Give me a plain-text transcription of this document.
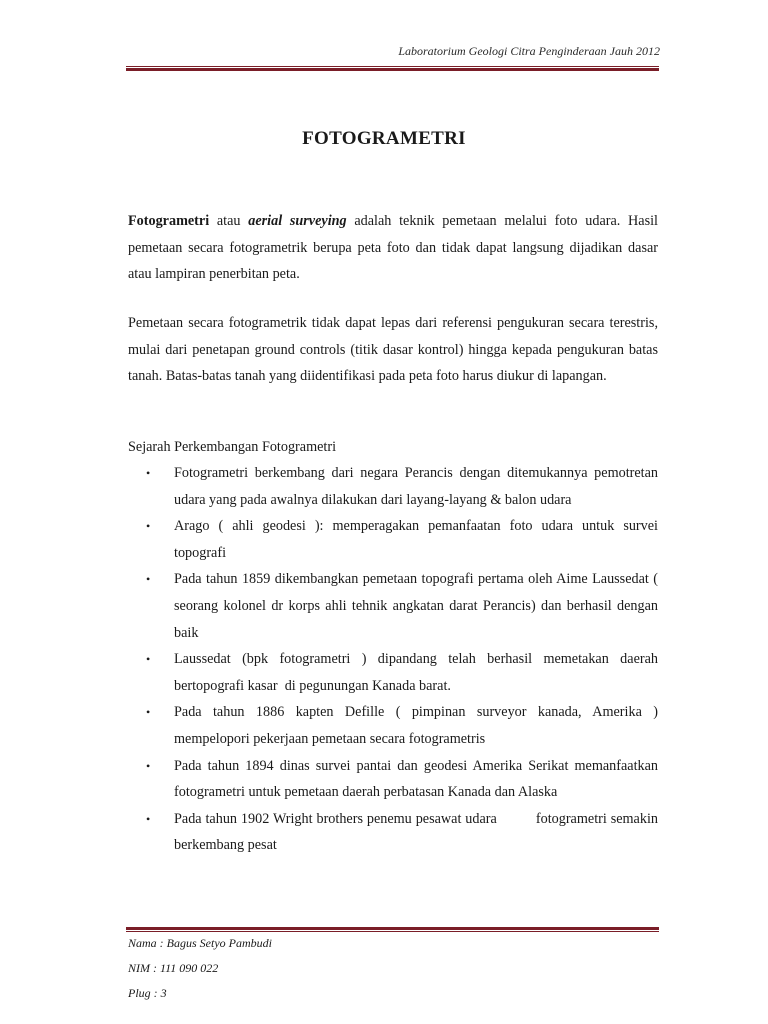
Laboratorium Geologi Citra Penginderaan Jauh 2012
FOTOGRAMETRI

Fotogrametri atau aerial surveying adalah teknik pemetaan melalui foto udara. Hasil pemetaan secara fotogrametrik berupa peta foto dan tidak dapat langsung dijadikan dasar atau lampiran penerbitan peta.

Pemetaan secara fotogrametrik tidak dapat lepas dari referensi pengukuran secara terestris, mulai dari penetapan ground controls (titik dasar kontrol) hingga kepada pengukuran batas tanah. Batas-batas tanah yang diidentifikasi pada peta foto harus diukur di lapangan.

Sejarah Perkembangan Fotogrametri

• Fotogrametri berkembang dari negara Perancis dengan ditemukannya pemotretan udara yang pada awalnya dilakukan dari layang-layang & balon udara
• Arago ( ahli geodesi ): memperagakan pemanfaatan foto udara untuk survei topografi
• Pada tahun 1859 dikembangkan pemetaan topografi pertama oleh Aime Laussedat ( seorang kolonel dr korps ahli tehnik angkatan darat Perancis) dan berhasil dengan baik
• Laussedat (bpk fotogrametri ) dipandang telah berhasil memetakan daerah bertopografi kasar  di pegunungan Kanada barat.
• Pada tahun 1886 kapten Defille ( pimpinan surveyor kanada, Amerika ) mempelopori pekerjaan pemetaan secara fotogrametris
• Pada tahun 1894 dinas survei pantai dan geodesi Amerika Serikat memanfaatkan fotogrametri untuk pemetaan daerah perbatasan Kanada dan Alaska
• Pada tahun 1902 Wright brothers penemu pesawat udara          fotogrametri semakin berkembang pesat
Nama : Bagus Setyo Pambudi
NIM : 111 090 022
Plug : 3
